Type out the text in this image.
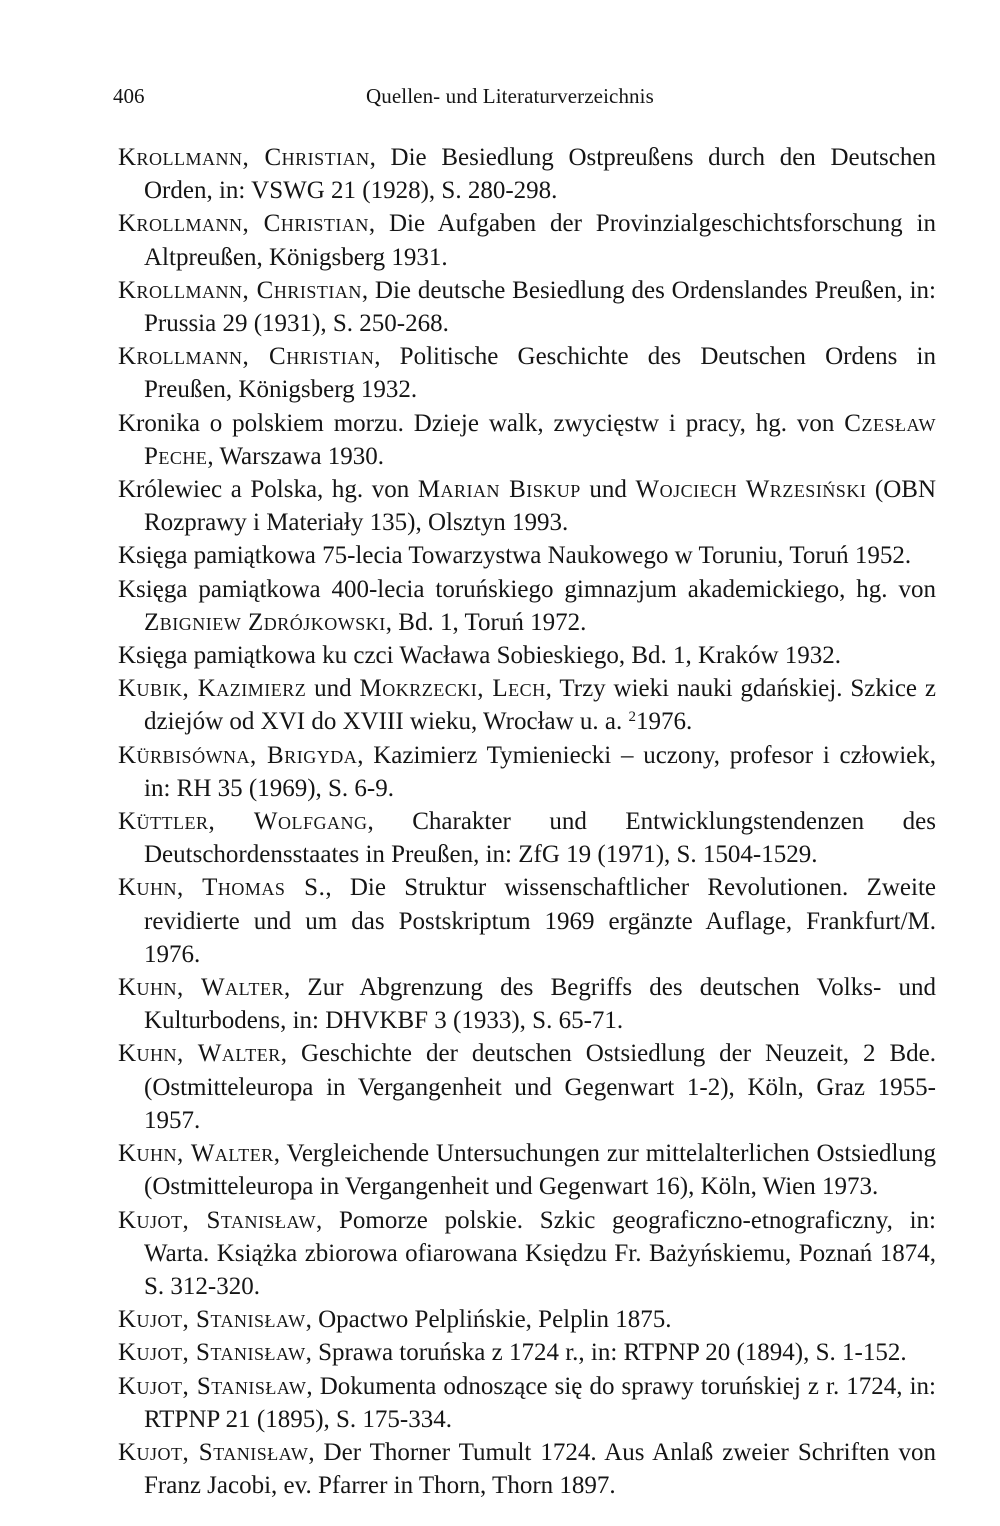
406	Quellen- und Literaturverzeichnis

Krollmann, Christian, Die Besiedlung Ostpreußens durch den Deutschen Orden, in: VSWG 21 (1928), S. 280-298.

Krollmann, Christian, Die Aufgaben der Provinzialgeschichtsforschung in Altpreußen, Königsberg 1931.

Krollmann, Christian, Die deutsche Besiedlung des Ordenslandes Preußen, in: Prussia 29 (1931), S. 250-268.

Krollmann, Christian, Politische Geschichte des Deutschen Ordens in Preußen, Königsberg 1932.

Kronika o polskiem morzu. Dzieje walk, zwycięstw i pracy, hg. von Czesław Peche, Warszawa 1930.

Królewiec a Polska, hg. von Marian Biskup und Wojciech Wrzesiński (OBN Rozprawy i Materiały 135), Olsztyn 1993.

Księga pamiątkowa 75-lecia Towarzystwa Naukowego w Toruniu, Toruń 1952.

Księga pamiątkowa 400-lecia toruńskiego gimnazjum akademickiego, hg. von Zbigniew Zdrójkowski, Bd. 1, Toruń 1972.

Księga pamiątkowa ku czci Wacława Sobieskiego, Bd. 1, Kraków 1932.

Kubik, Kazimierz und Mokrzecki, Lech, Trzy wieki nauki gdańskiej. Szkice z dziejów od XVI do XVIII wieku, Wrocław u. a. $^2$1976.

Kürbisówna, Brigyda, Kazimierz Tymieniecki – uczony, profesor i człowiek, in: RH 35 (1969), S. 6-9.

Küttler, Wolfgang, Charakter und Entwicklungstendenzen des Deutschordensstaates in Preußen, in: ZfG 19 (1971), S. 1504-1529.

Kuhn, Thomas S., Die Struktur wissenschaftlicher Revolutionen. Zweite revidierte und um das Postskriptum 1969 ergänzte Auflage, Frankfurt/M. 1976.

Kuhn, Walter, Zur Abgrenzung des Begriffs des deutschen Volks- und Kulturbodens, in: DHVKBF 3 (1933), S. 65-71.

Kuhn, Walter, Geschichte der deutschen Ostsiedlung der Neuzeit, 2 Bde. (Ostmitteleuropa in Vergangenheit und Gegenwart 1-2), Köln, Graz 1955-1957.

Kuhn, Walter, Vergleichende Untersuchungen zur mittelalterlichen Ostsiedlung (Ostmitteleuropa in Vergangenheit und Gegenwart 16), Köln, Wien 1973.

Kujot, Stanisław, Pomorze polskie. Szkic geograficzno-etnograficzny, in: Warta. Książka zbiorowa ofiarowana Księdzu Fr. Bażyńskiemu, Poznań 1874, S. 312-320.

Kujot, Stanisław, Opactwo Pelplińskie, Pelplin 1875.

Kujot, Stanisław, Sprawa toruńska z 1724 r., in: RTPNP 20 (1894), S. 1-152.

Kujot, Stanisław, Dokumenta odnoszące się do sprawy toruńskiej z r. 1724, in: RTPNP 21 (1895), S. 175-334.

Kujot, Stanisław, Der Thorner Tumult 1724. Aus Anlaß zweier Schriften von Franz Jacobi, ev. Pfarrer in Thorn, Thorn 1897.
